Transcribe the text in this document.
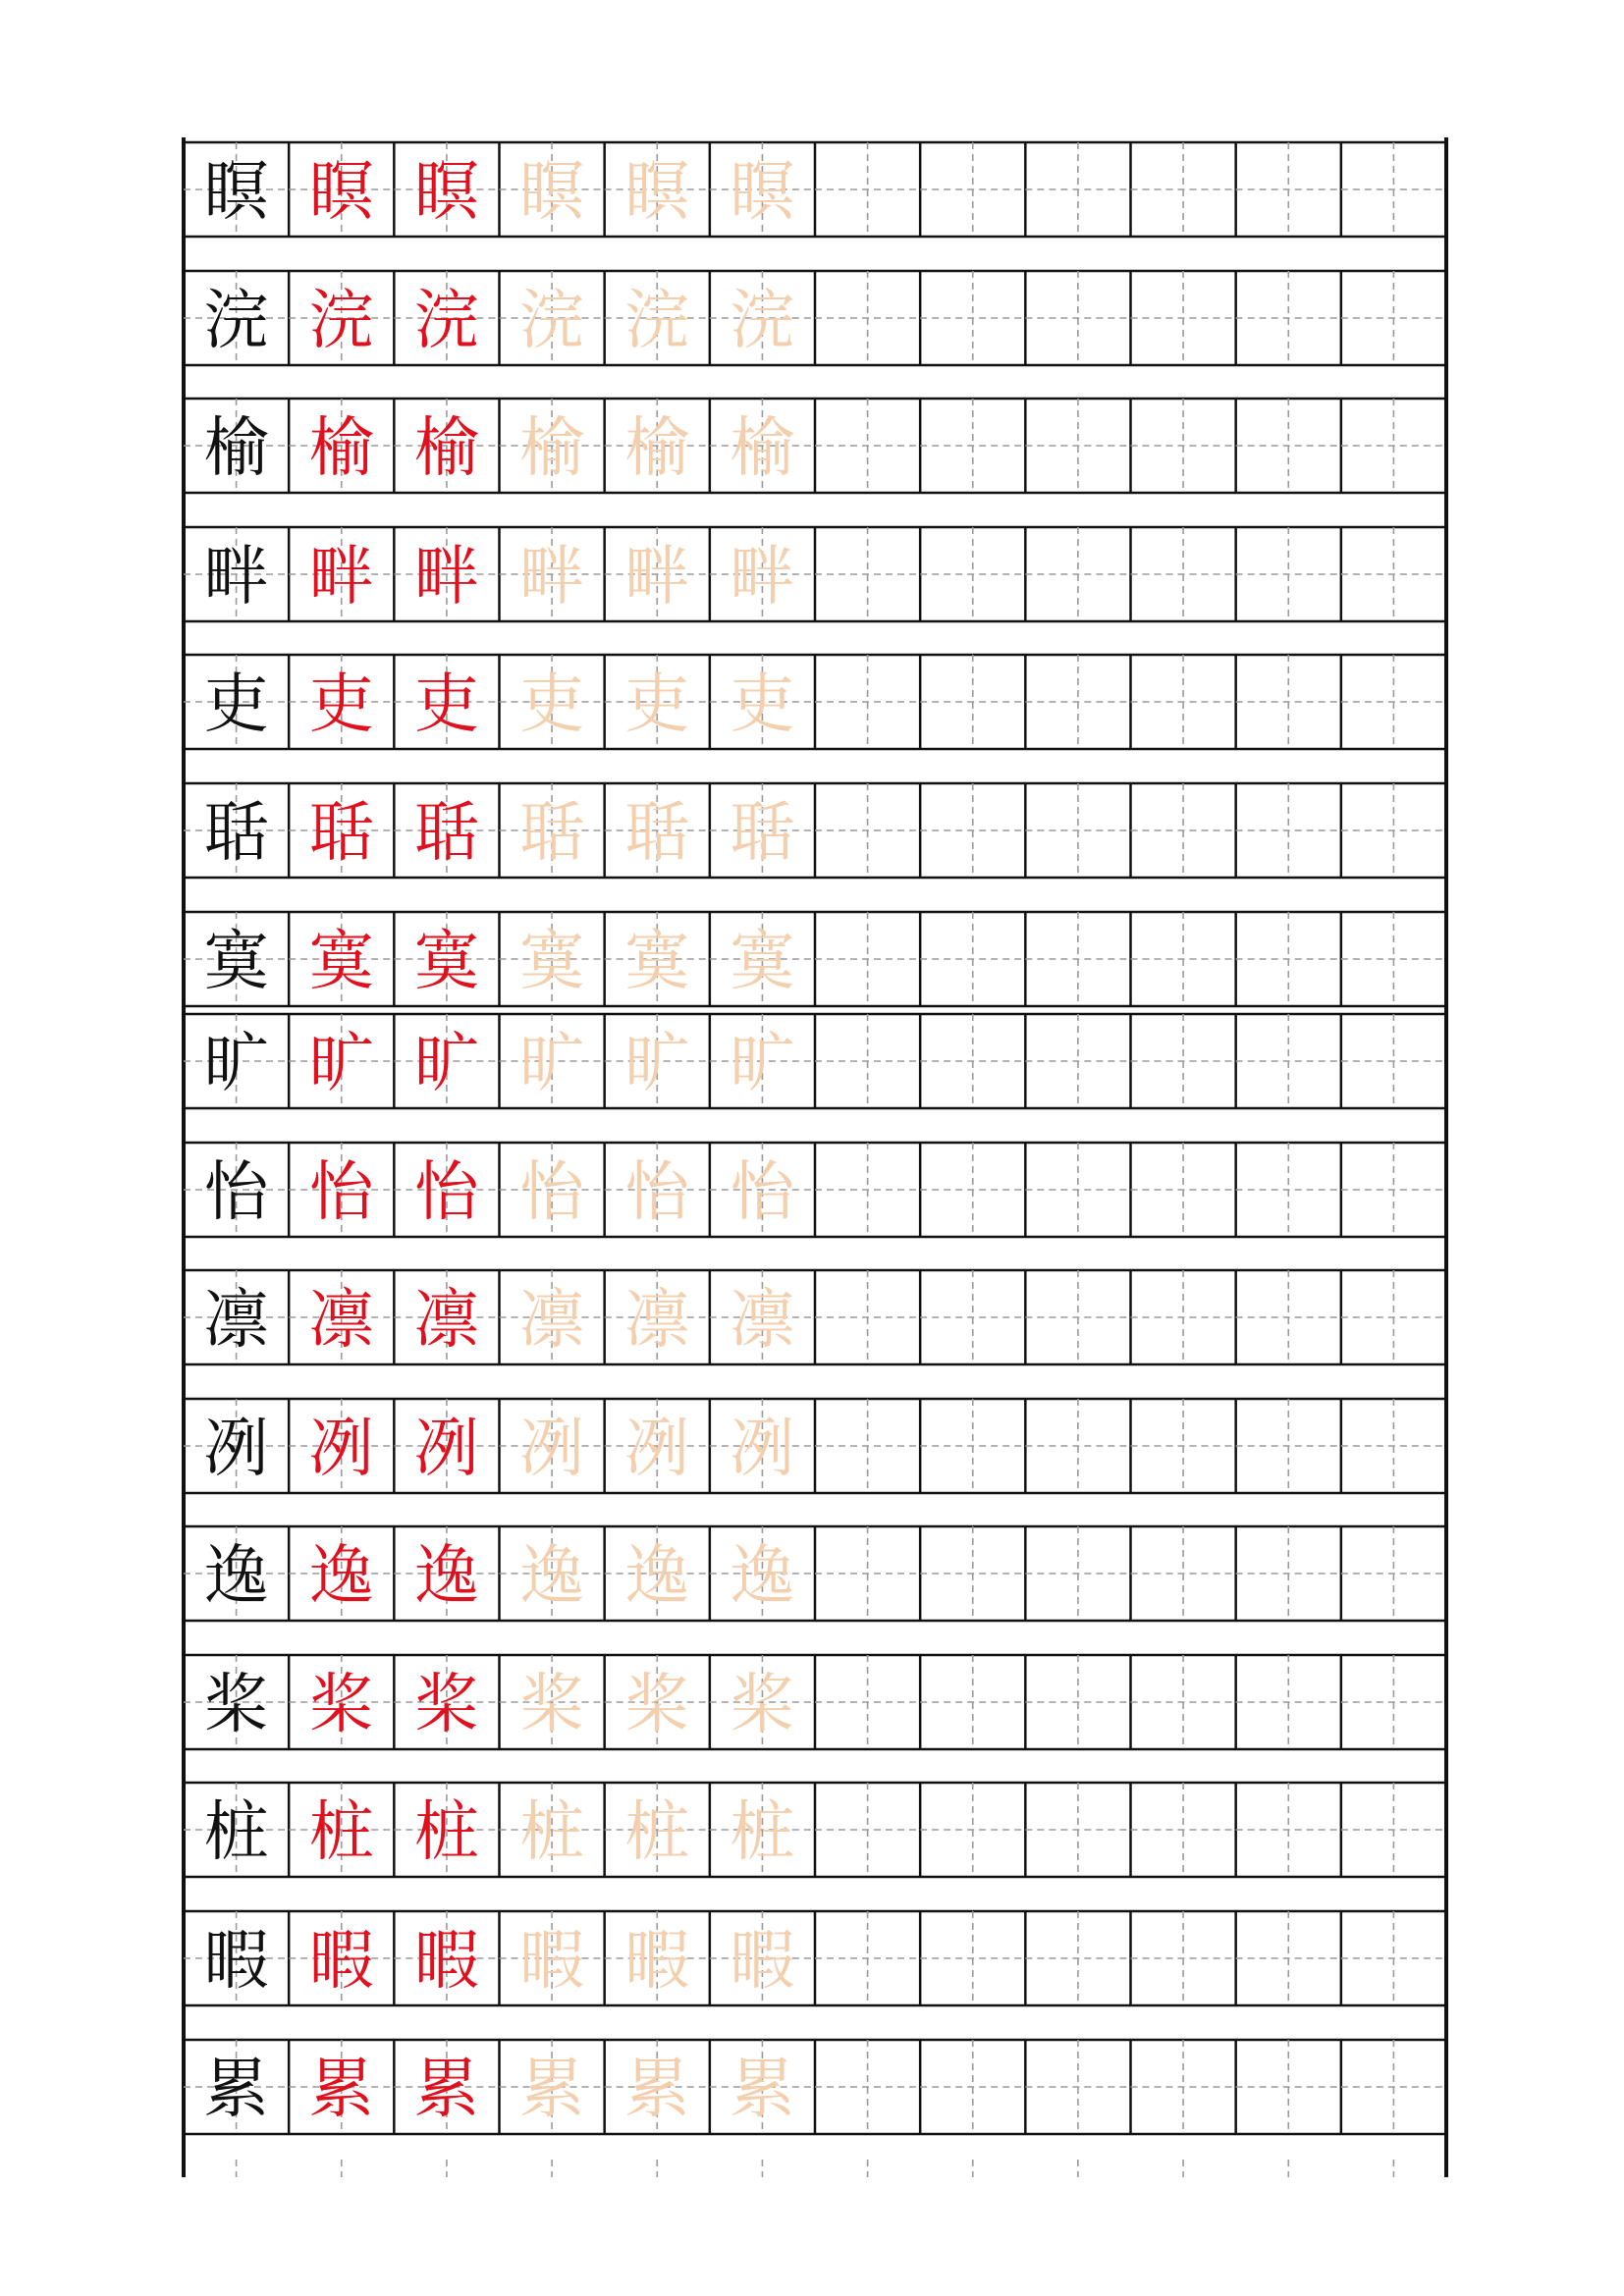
瞑 瞑 瞑 瞑 瞑 瞑
浣 浣 浣 浣 浣 浣
榆 榆 榆 榆 榆 榆
畔 畔 畔 畔 畔 畔
吏 吏 吏 吏 吏 吏
聒 聒 聒 聒 聒 聒
寞 寞 寞 寞 寞 寞
旷 旷 旷 旷 旷 旷
怡 怡 怡 怡 怡 怡
凛 凛 凛 凛 凛 凛
冽 冽 冽 冽 冽 冽
逸 逸 逸 逸 逸 逸
桨 桨 桨 桨 桨 桨
桩 桩 桩 桩 桩 桩
暇 暇 暇 暇 暇 暇
累 累 累 累 累 累
